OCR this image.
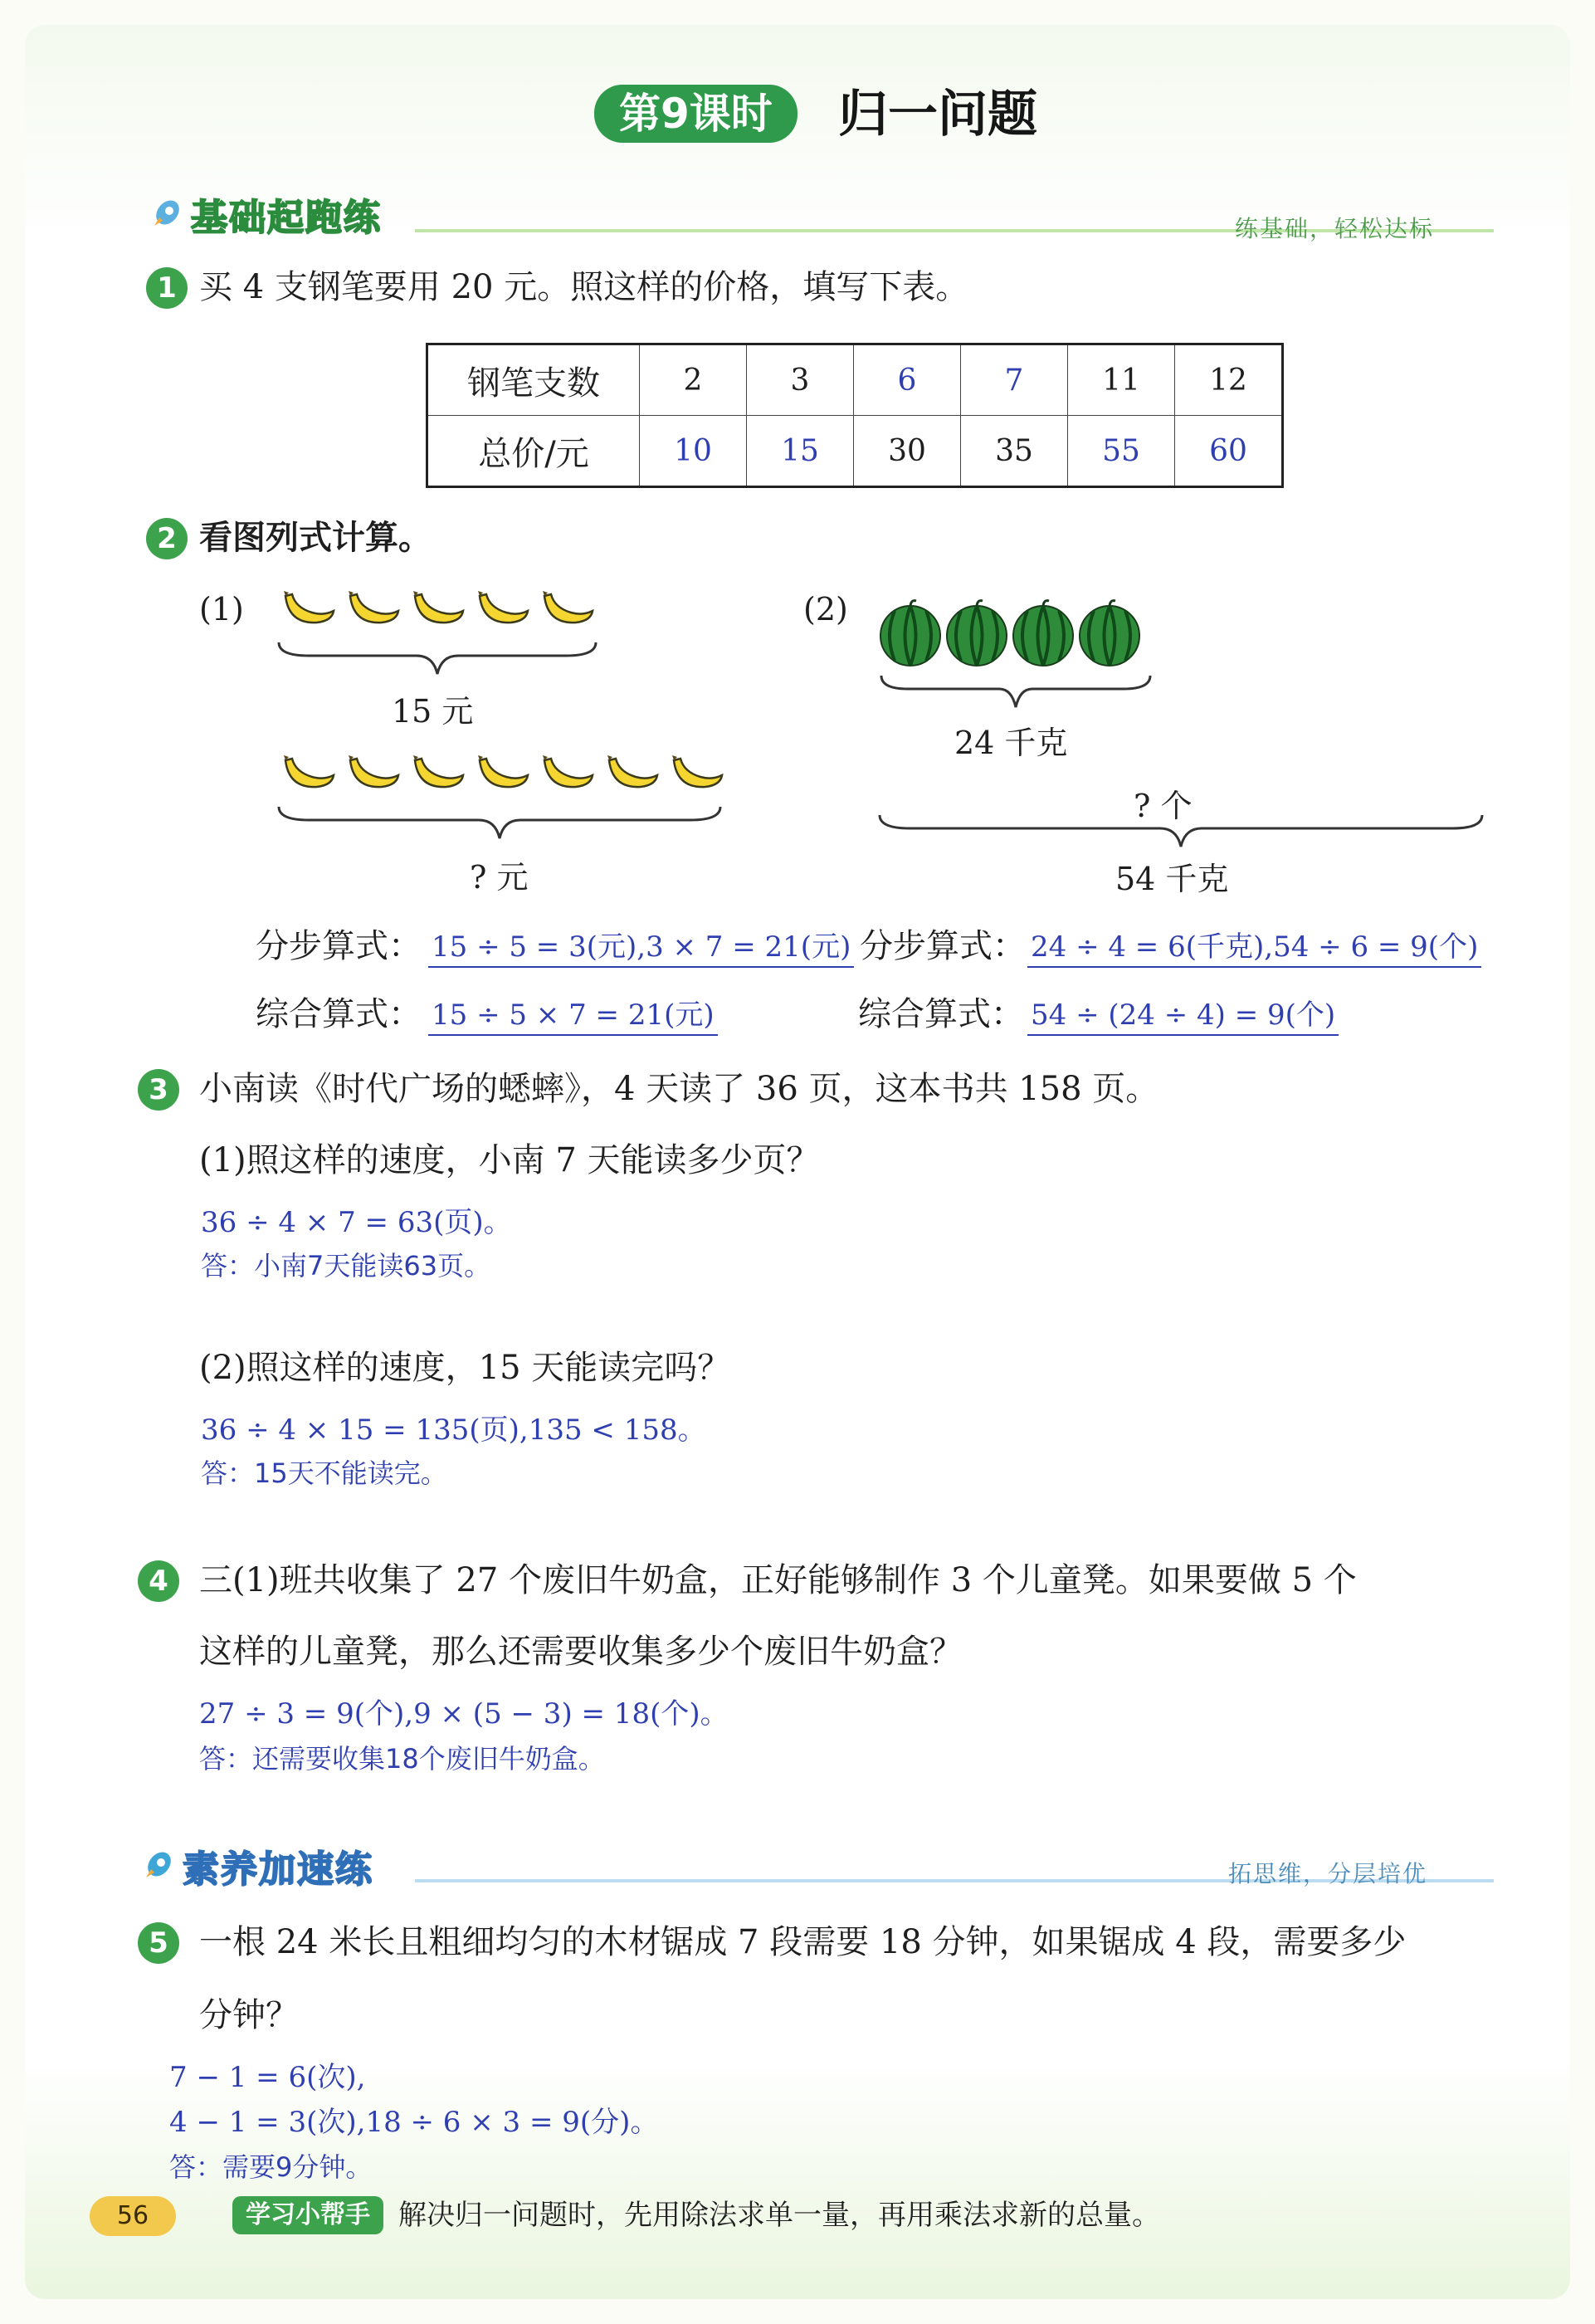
第9课时	归一问题
基础起跑练	练基础，轻松达标
1 买 4 支钢笔要用 20 元。照这样的价格，填写下表。
钢笔支数	2	3	6	7	11	12
总价/元	10	15	30	35	55	60
2 看图列式计算。
(1)
15 元
? 元
(2)
24 千克
? 个
54 千克
分步算式： 15 ÷ 5 = 3(元),3 × 7 = 21(元)
综合算式： 15 ÷ 5 × 7 = 21(元)
分步算式： 24 ÷ 4 = 6(千克),54 ÷ 6 = 9(个)
综合算式： 54 ÷ (24 ÷ 4) = 9(个)
3 小南读《时代广场的蟋蟀》，4 天读了 36 页，这本书共 158 页。
(1)照这样的速度，小南 7 天能读多少页？
36 ÷ 4 × 7 = 63(页)。
答：小南7天能读63页。
(2)照这样的速度，15 天能读完吗？
36 ÷ 4 × 15 = 135(页),135 < 158。
答：15天不能读完。
4 三(1)班共收集了 27 个废旧牛奶盒，正好能够制作 3 个儿童凳。如果要做 5 个
这样的儿童凳，那么还需要收集多少个废旧牛奶盒？
27 ÷ 3 = 9(个),9 × (5 − 3) = 18(个)。
答：还需要收集18个废旧牛奶盒。
素养加速练	拓思维，分层培优
5 一根 24 米长且粗细均匀的木材锯成 7 段需要 18 分钟，如果锯成 4 段，需要多少
分钟？
7 − 1 = 6(次),
4 − 1 = 3(次),18 ÷ 6 × 3 = 9(分)。
答：需要9分钟。
56	学习小帮手	解决归一问题时，先用除法求单一量，再用乘法求新的总量。
